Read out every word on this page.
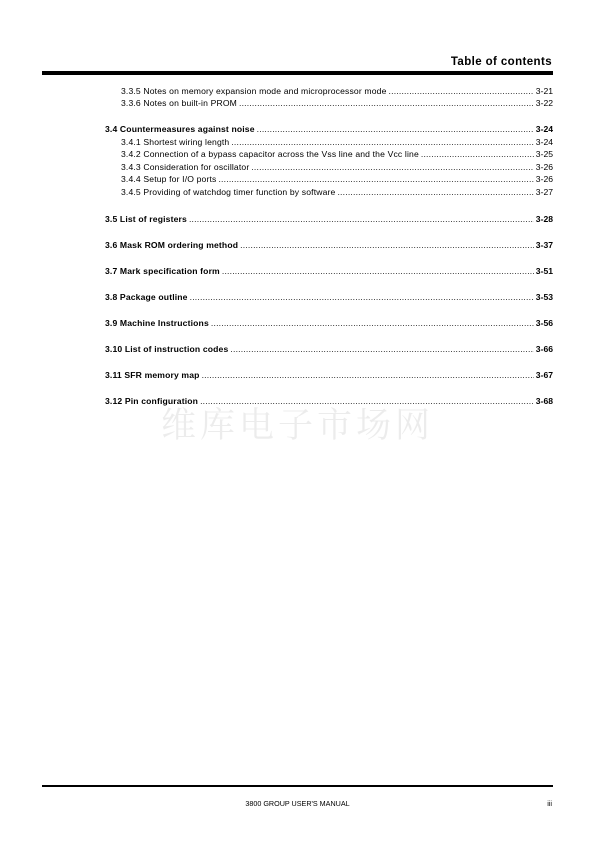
Table of contents
3.3.5 Notes on memory expansion mode and microprocessor mode .....	3-21
3.3.6 Notes on built-in PROM .....	3-22
3.4 Countermeasures against noise .....	3-24
3.4.1 Shortest wiring length .....	3-24
3.4.2 Connection of a bypass capacitor across the Vss line and the Vcc line .....	3-25
3.4.3 Consideration for oscillator .....	3-26
3.4.4 Setup for I/O ports .....	3-26
3.4.5 Providing of watchdog timer function by software .....	3-27
3.5 List of registers .....	3-28
3.6 Mask ROM ordering method .....	3-37
3.7 Mark specification form .....	3-51
3.8 Package outline .....	3-53
3.9 Machine Instructions .....	3-56
3.10 List of instruction codes .....	3-66
3.11 SFR memory map .....	3-67
3.12 Pin configuration .....	3-68
维库电子市场网
3800 GROUP USER'S MANUAL	iii
